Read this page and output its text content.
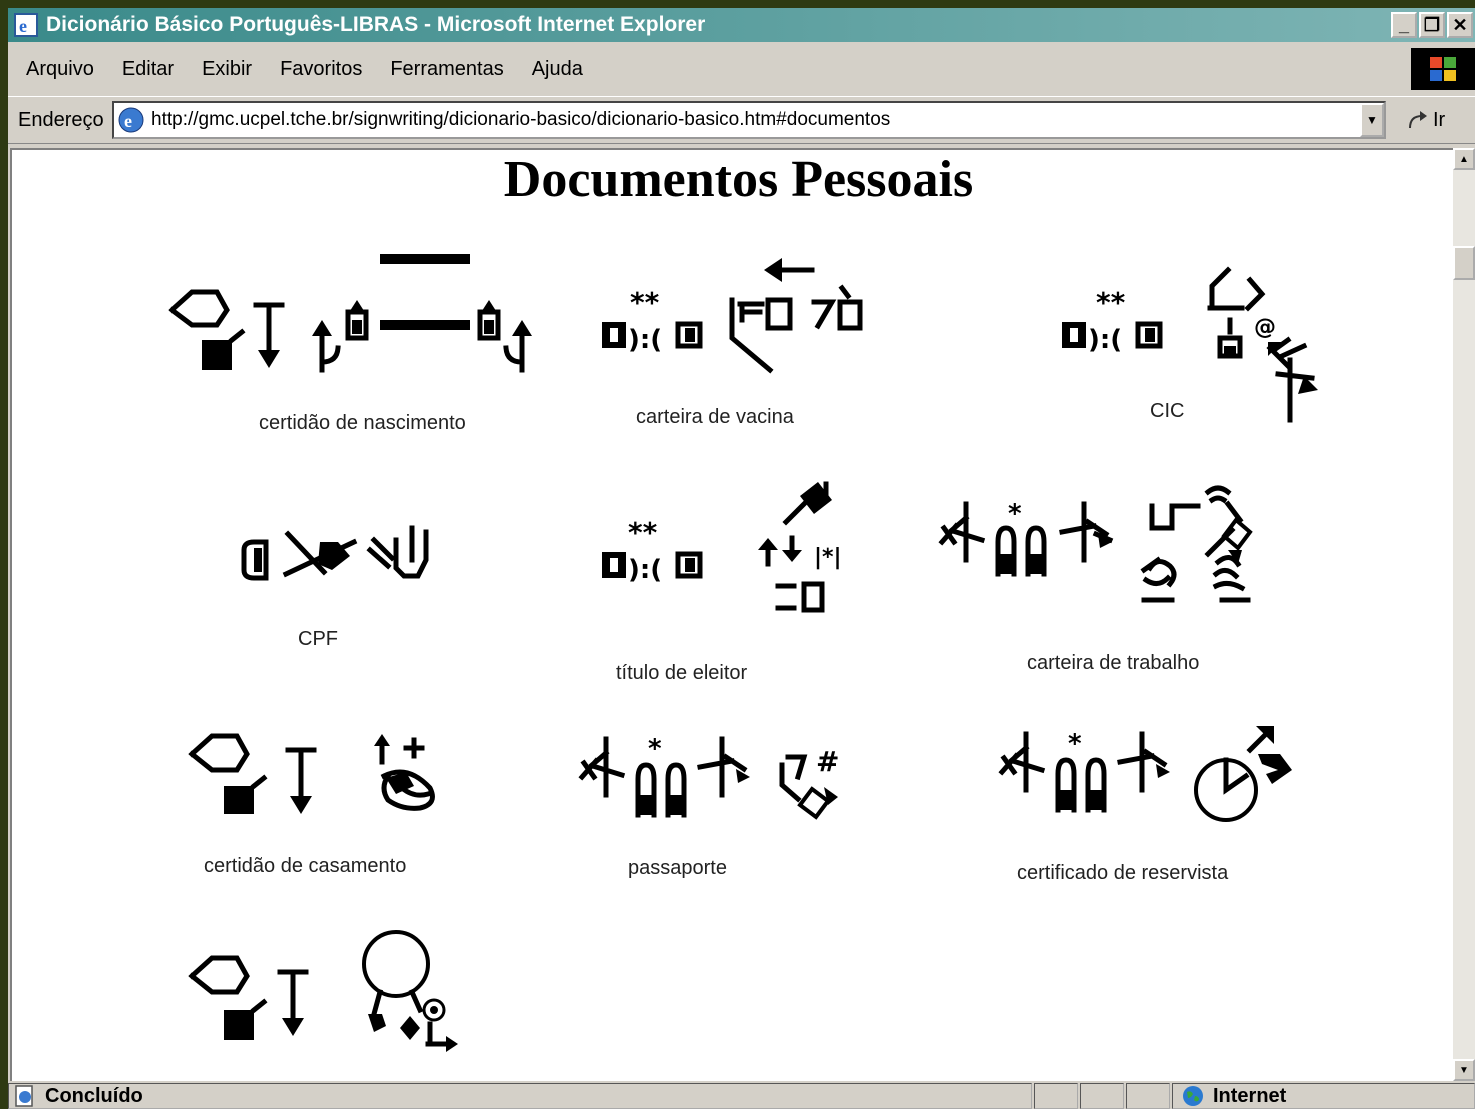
e Dicionário Básico Português-LIBRAS - Microsoft Internet Explorer	_ ❐ ✕
Arquivo	Editar	Exibir	Favoritos	Ferramentas	Ajuda
Endereço	e http://gmc.ucpel.tche.br/signwriting/dicionario-basico/dicionario-basico.htm#documentos	▼	Ir
Documentos Pessoais
certidão de nascimento
**
):(
carteira de vacina
**
):(	@
CIC
CPF
**
):(	|*|
título de eleitor
*
carteira de trabalho
certidão de casamento
*	#
passaporte
*
certificado de reservista
▲
▼
Concluído	Internet
